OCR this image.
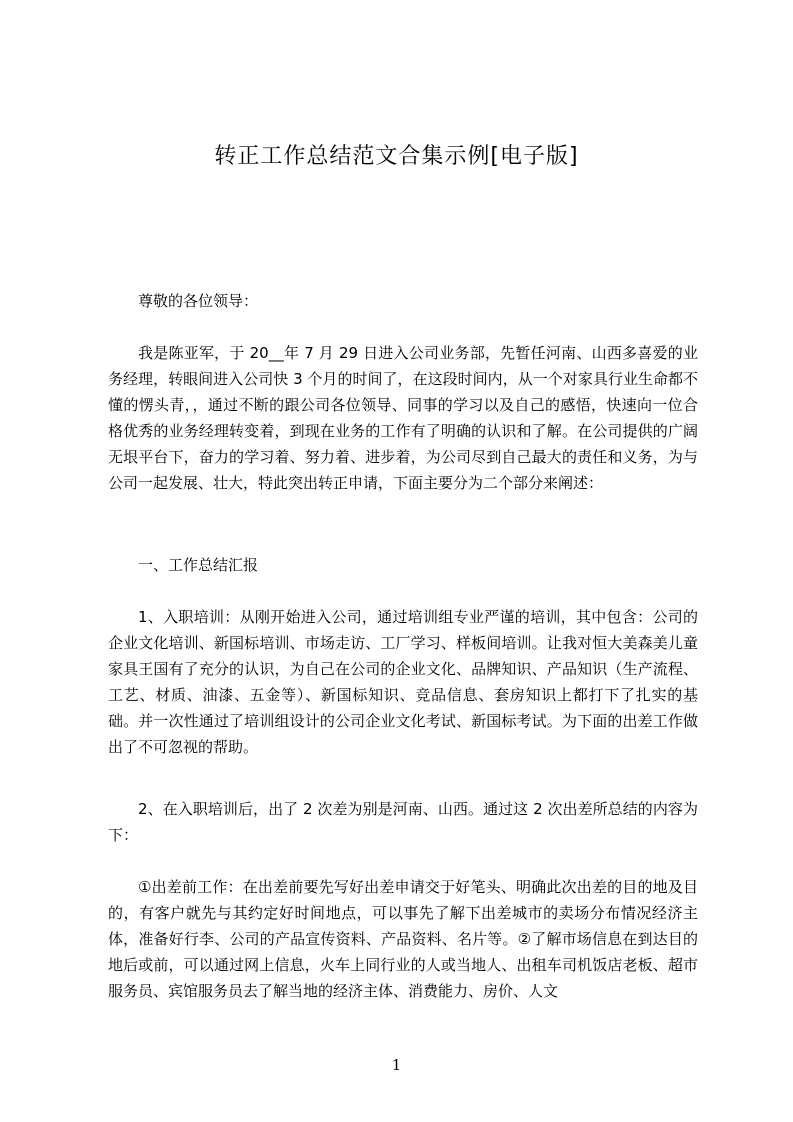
转正工作总结范文合集示例[电子版]

尊敬的各位领导：

我是陈亚军，于 20__年 7 月 29 日进入公司业务部，先暂任河南、山西多喜爱的业务经理，转眼间进入公司快 3 个月的时间了，在这段时间内，从一个对家具行业生命都不懂的愣头青，，通过不断的跟公司各位领导、同事的学习以及自己的感悟，快速向一位合格优秀的业务经理转变着，到现在业务的工作有了明确的认识和了解。在公司提供的广阔无垠平台下，奋力的学习着、努力着、进步着，为公司尽到自己最大的责任和义务，为与公司一起发展、壮大，特此突出转正申请，下面主要分为二个部分来阐述：

一、工作总结汇报

1、入职培训：从刚开始进入公司，通过培训组专业严谨的培训，其中包含：公司的企业文化培训、新国标培训、市场走访、工厂学习、样板间培训。让我对恒大美森美儿童家具王国有了充分的认识，为自己在公司的企业文化、品牌知识、产品知识（生产流程、工艺、材质、油漆、五金等）、新国标知识、竞品信息、套房知识上都打下了扎实的基础。并一次性通过了培训组设计的公司企业文化考试、新国标考试。为下面的出差工作做出了不可忽视的帮助。

2、在入职培训后，出了 2 次差为别是河南、山西。通过这 2 次出差所总结的内容为下：

①出差前工作：在出差前要先写好出差申请交于好笔头、明确此次出差的目的地及目的，有客户就先与其约定好时间地点，可以事先了解下出差城市的卖场分布情况经济主体，准备好行李、公司的产品宣传资料、产品资料、名片等。②了解市场信息在到达目的地后或前，可以通过网上信息，火车上同行业的人或当地人、出租车司机饭店老板、超市服务员、宾馆服务员去了解当地的经济主体、消费能力、房价、人文

1
